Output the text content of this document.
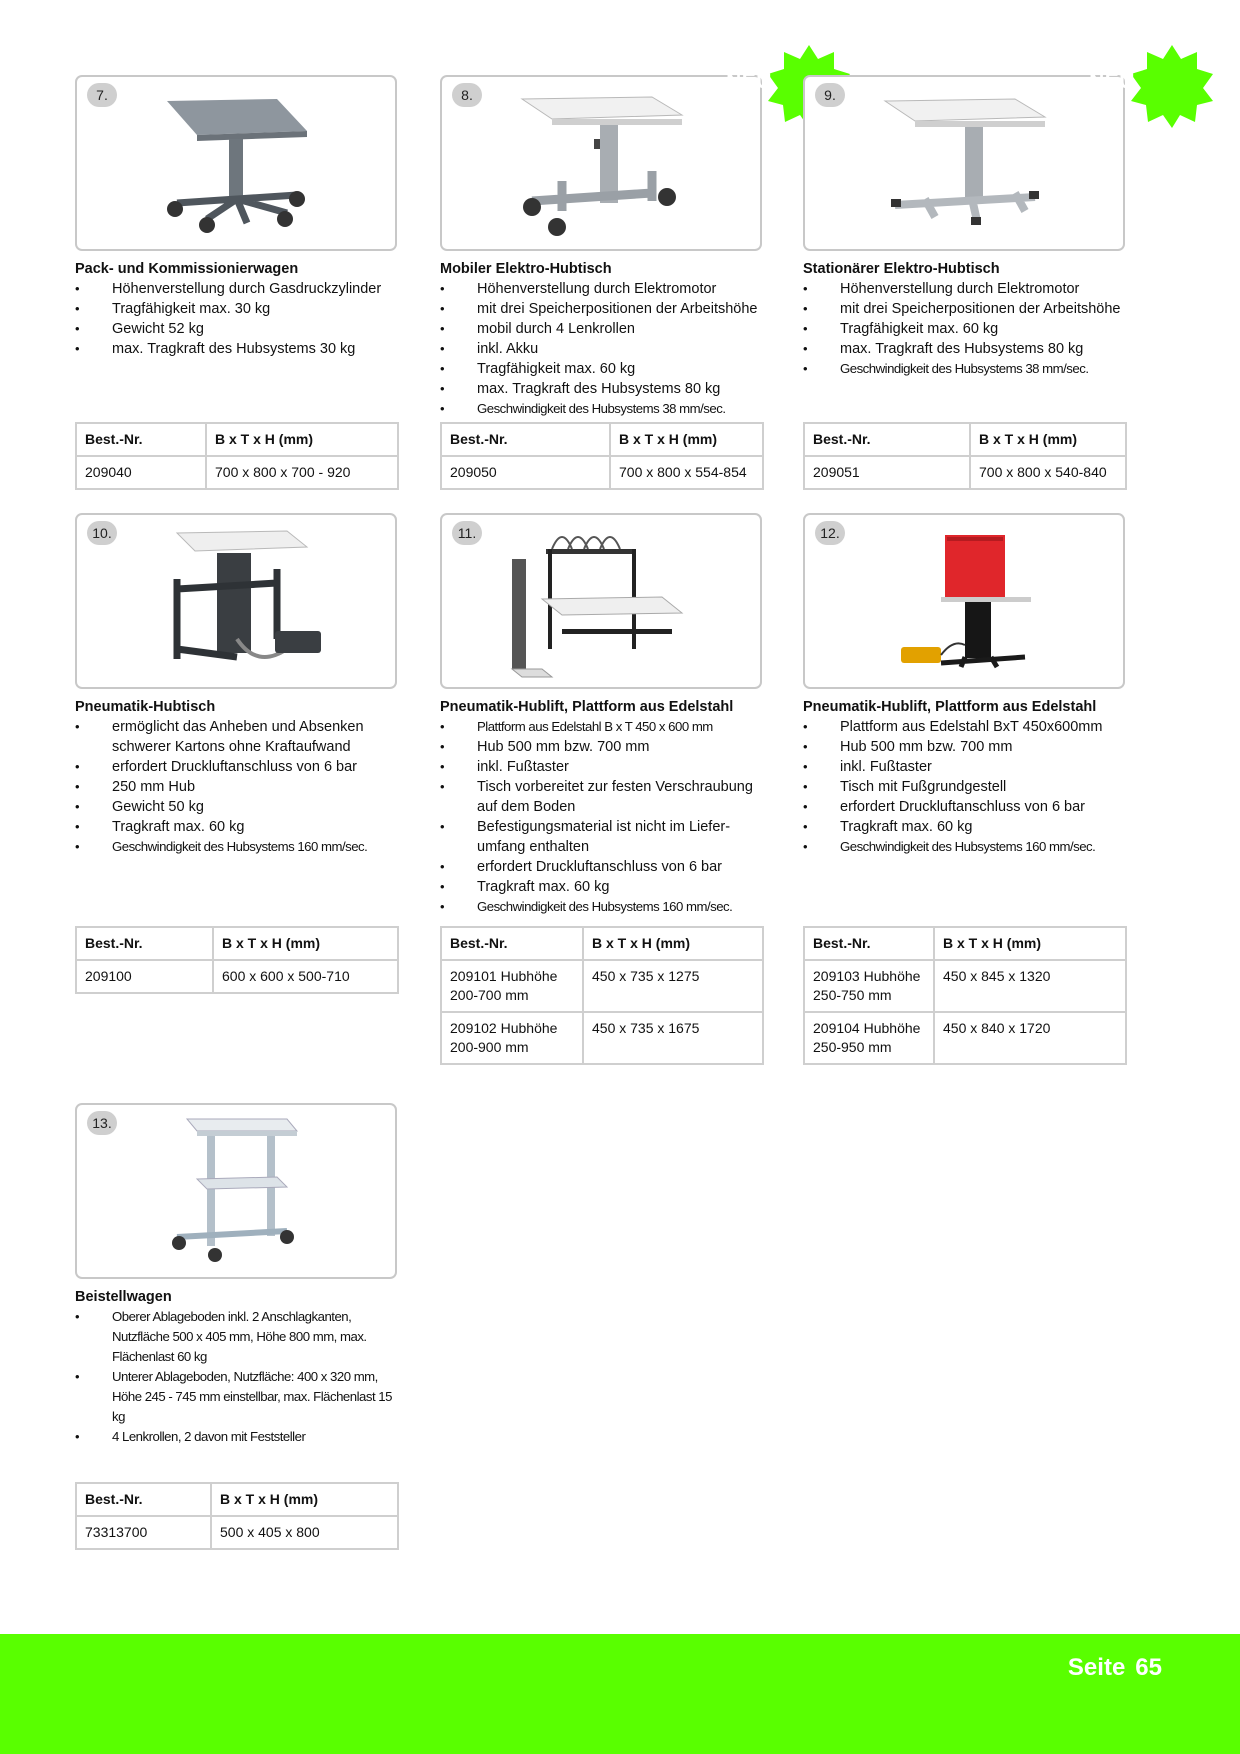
7.
Pack- und Kommissionierwagen
• Höhenverstellung durch Gasdruckzylinder
• Tragfähigkeit max. 30 kg
• Gewicht 52 kg
• max. Tragkraft des Hubsystems 30 kg
Best.-Nr.	B x T x H (mm)
209040	700 x 800 x 700 - 920
8.
NEU
Mobiler Elektro-Hubtisch
• Höhenverstellung durch Elektromotor
• mit drei Speicherpositionen der Arbeitshöhe
• mobil durch 4 Lenkrollen
• inkl. Akku
• Tragfähigkeit max. 60 kg
• max. Tragkraft des Hubsystems 80 kg
• Geschwindigkeit des Hubsystems 38 mm/sec.
Best.-Nr.	B x T x H (mm)
209050	700 x 800 x 554-854
9.
NEU
Stationärer Elektro-Hubtisch
• Höhenverstellung durch Elektromotor
• mit drei Speicherpositionen der Arbeitshöhe
• Tragfähigkeit max. 60 kg
• max. Tragkraft des Hubsystems 80 kg
• Geschwindigkeit des Hubsystems 38 mm/sec.
Best.-Nr.	B x T x H (mm)
209051	700 x 800 x 540-840
10.
Pneumatik-Hubtisch
• ermöglicht das Anheben und Absenken schwerer Kartons ohne Kraftaufwand
• erfordert Druckluftanschluss von 6 bar
• 250 mm Hub
• Gewicht 50 kg
• Tragkraft max. 60 kg
• Geschwindigkeit des Hubsystems 160 mm/sec.
Best.-Nr.	B x T x H (mm)
209100	600 x 600 x 500-710
11.
Pneumatik-Hublift, Plattform aus Edelstahl
• Plattform aus Edelstahl B x T 450 x 600 mm
• Hub 500 mm bzw. 700 mm
• inkl. Fußtaster
• Tisch vorbereitet zur festen Verschraubung auf dem Boden
• Befestigungsmaterial ist nicht im Liefer-umfang enthalten
• erfordert Druckluftanschluss von 6 bar
• Tragkraft max. 60 kg
• Geschwindigkeit des Hubsystems 160 mm/sec.
Best.-Nr.	B x T x H (mm)
209101 Hubhöhe 200-700 mm	450 x 735 x 1275
209102 Hubhöhe 200-900 mm	450 x 735 x 1675
12.
Pneumatik-Hublift, Plattform aus Edelstahl
• Plattform aus Edelstahl BxT 450x600mm
• Hub 500 mm bzw. 700 mm
• inkl. Fußtaster
• Tisch mit Fußgrundgestell
• erfordert Druckluftanschluss von 6 bar
• Tragkraft max. 60 kg
• Geschwindigkeit des Hubsystems 160 mm/sec.
Best.-Nr.	B x T x H (mm)
209103 Hubhöhe 250-750 mm	450 x 845 x 1320
209104 Hubhöhe 250-950 mm	450 x 840 x 1720
13.
Beistellwagen
• Oberer Ablageboden inkl. 2 Anschlagkanten, Nutzfläche 500 x 405 mm, Höhe 800 mm, max. Flächenlast 60 kg
• Unterer Ablageboden, Nutzfläche: 400 x 320 mm, Höhe 245 - 745 mm einstellbar, max. Flächenlast 15 kg
• 4 Lenkrollen, 2 davon mit Feststeller
Best.-Nr.	B x T x H (mm)
73313700	500 x 405 x 800
Seite 65
